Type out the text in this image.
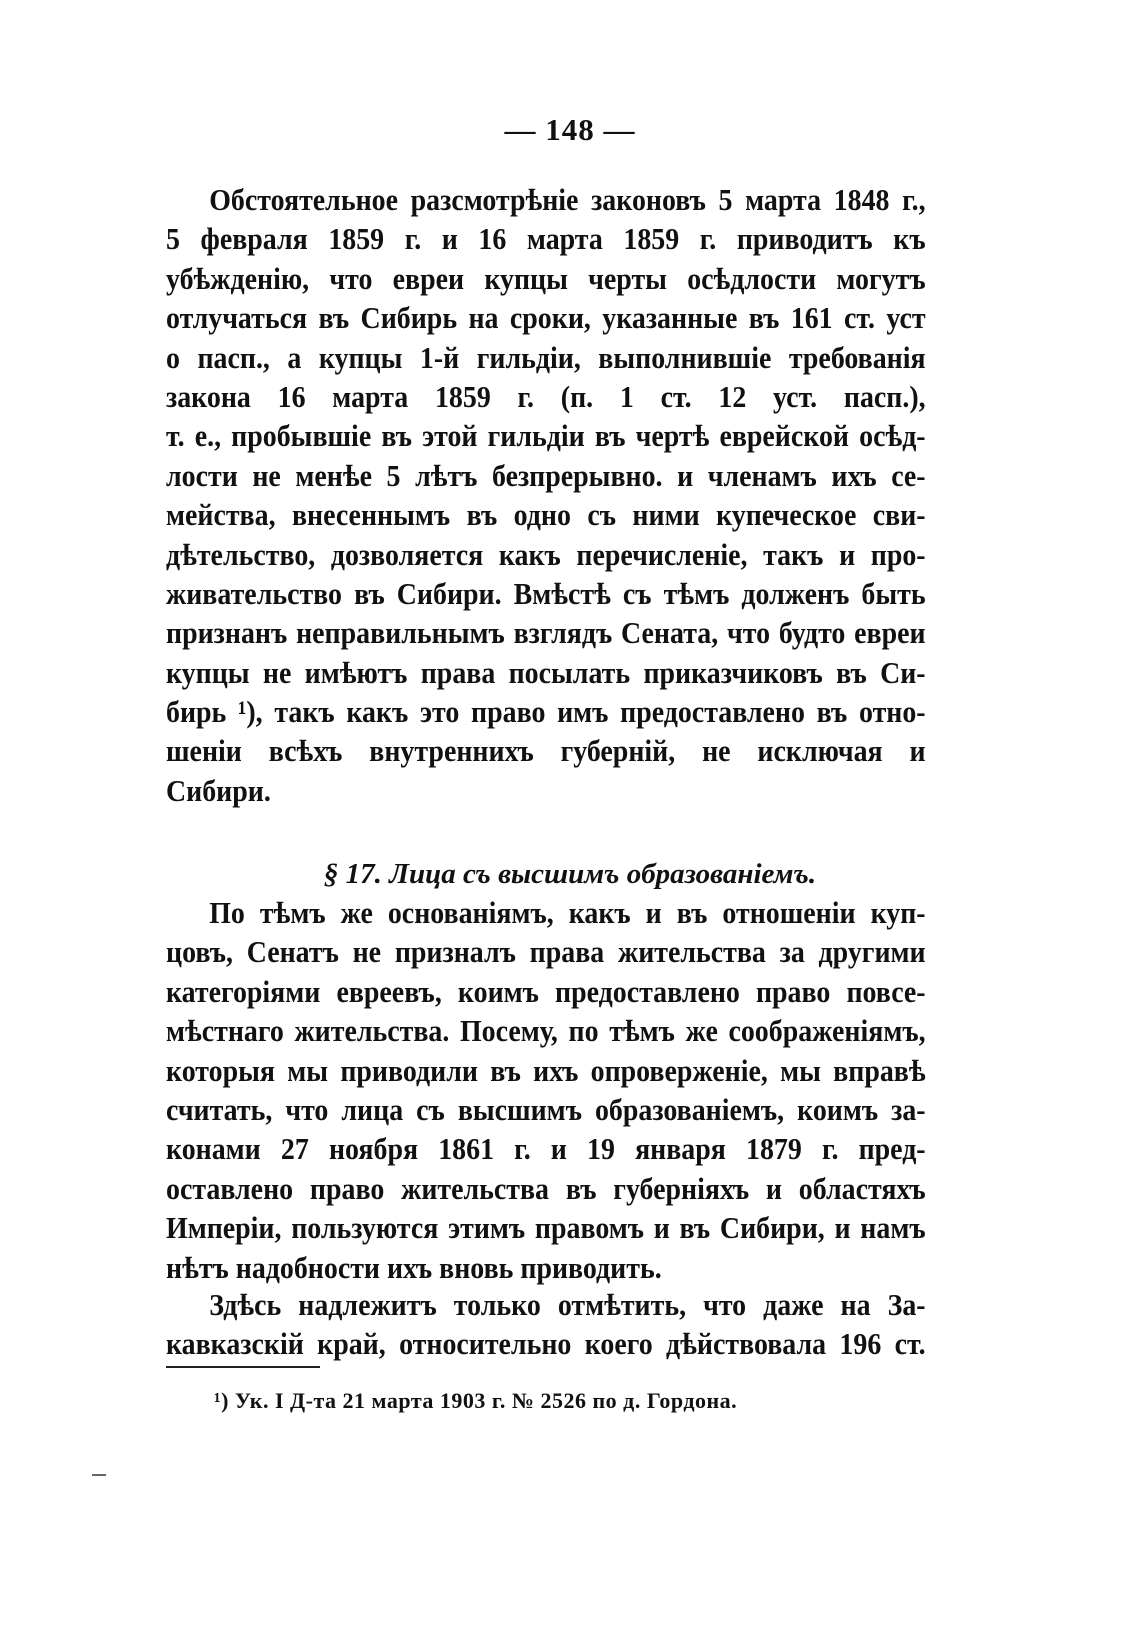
— 148 —
Обстоятельное разсмотрѣніе законовъ 5 марта 1848 г.,
5 февраля 1859 г. и 16 марта 1859 г. приводитъ къ
убѣжденію, что евреи купцы черты осѣдлости могутъ
отлучаться въ Сибирь на сроки, указанные въ 161 ст. уст
о пасп., а купцы 1-й гильдіи, выполнившіе требованія
закона 16 марта 1859 г. (п. 1 ст. 12 уст. пасп.),
т. е., пробывшіе въ этой гильдіи въ чертѣ еврейской осѣд-
лости не менѣе 5 лѣтъ безпрерывно. и членамъ ихъ се-
мейства, внесеннымъ въ одно съ ними купеческое сви-
дѣтельство, дозволяется какъ перечисленіе, такъ и про-
живательство въ Сибири. Вмѣстѣ съ тѣмъ долженъ быть
признанъ неправильнымъ взглядъ Сената, что будто евреи
купцы не имѣютъ права посылать приказчиковъ въ Си-
бирь ¹), такъ какъ это право имъ предоставлено въ отно-
шеніи всѣхъ внутреннихъ губерній, не исключая и
Сибири.
§ 17. Лица съ высшимъ образованіемъ.
По тѣмъ же основаніямъ, какъ и въ отношеніи куп-
цовъ, Сенатъ не призналъ права жительства за другими
категоріями евреевъ, коимъ предоставлено право повсе-
мѣстнаго жительства. Посему, по тѣмъ же соображеніямъ,
которыя мы приводили въ ихъ опроверженіе, мы вправѣ
считать, что лица съ высшимъ образованіемъ, коимъ за-
конами 27 ноября 1861 г. и 19 января 1879 г. пред-
оставлено право жительства въ губерніяхъ и областяхъ
Имперіи, пользуются этимъ правомъ и въ Сибири, и намъ
нѣтъ надобности ихъ вновь приводить.
Здѣсь надлежитъ только отмѣтить, что даже на За-
кавказскій край, относительно коего дѣйствовала 196 ст.
¹) Ук. I Д-та 21 марта 1903 г. № 2526 по д. Гордона.
